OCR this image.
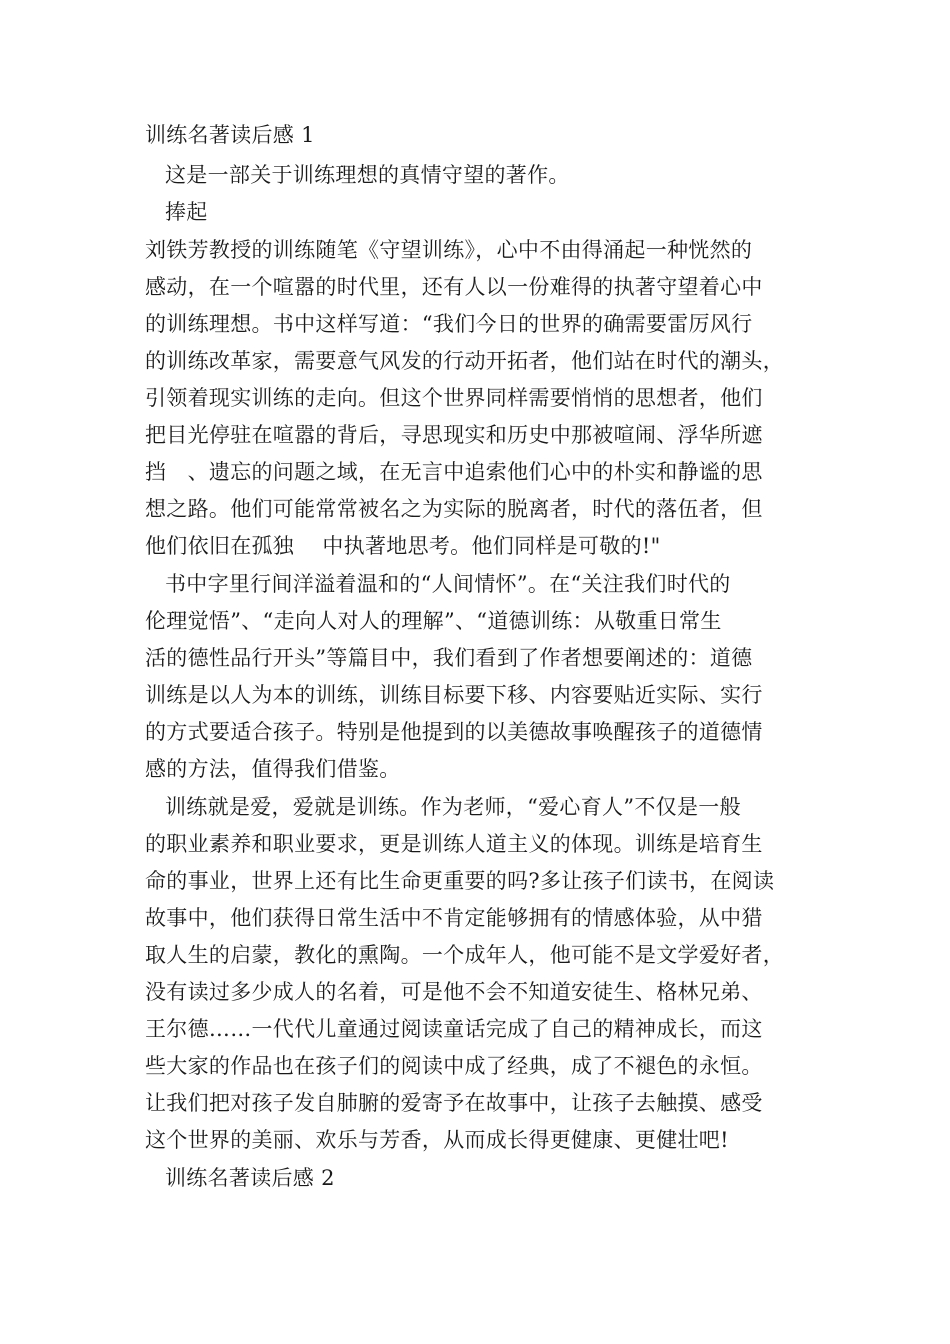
训练名著读后感 1
这是一部关于训练理想的真情守望的著作。
捧起
刘铁芳教授的训练随笔《守望训练》，心中不由得涌起一种恍然的
感动，在一个喧嚣的时代里，还有人以一份难得的执著守望着心中
的训练理想。书中这样写道：“我们今日的世界的确需要雷厉风行
的训练改革家，需要意气风发的行动开拓者，他们站在时代的潮头，
引领着现实训练的走向。但这个世界同样需要悄悄的思想者，他们
把目光停驻在喧嚣的背后，寻思现实和历史中那被喧闹、浮华所遮
挡　、遗忘的问题之域，在无言中追索他们心中的朴实和静谧的思
想之路。他们可能常常被名之为实际的脱离者，时代的落伍者，但
他们依旧在孤独　 中执著地思考。他们同样是可敬的!"
书中字里行间洋溢着温和的“人间情怀”。在“关注我们时代的
伦理觉悟”、“走向人对人的理解”、“道德训练：从敬重日常生
活的德性品行开头”等篇目中，我们看到了作者想要阐述的：道德
训练是以人为本的训练，训练目标要下移、内容要贴近实际、实行
的方式要适合孩子。特别是他提到的以美德故事唤醒孩子的道德情
感的方法，值得我们借鉴。
训练就是爱，爱就是训练。作为老师，“爱心育人”不仅是一般
的职业素养和职业要求，更是训练人道主义的体现。训练是培育生
命的事业，世界上还有比生命更重要的吗?多让孩子们读书，在阅读
故事中，他们获得日常生活中不肯定能够拥有的情感体验，从中猎
取人生的启蒙，教化的熏陶。一个成年人，他可能不是文学爱好者，
没有读过多少成人的名着，可是他不会不知道安徒生、格林兄弟、
王尔德……一代代儿童通过阅读童话完成了自己的精神成长，而这
些大家的作品也在孩子们的阅读中成了经典，成了不褪色的永恒。
让我们把对孩子发自肺腑的爱寄予在故事中，让孩子去触摸、感受
这个世界的美丽、欢乐与芳香，从而成长得更健康、更健壮吧!
训练名著读后感 2
